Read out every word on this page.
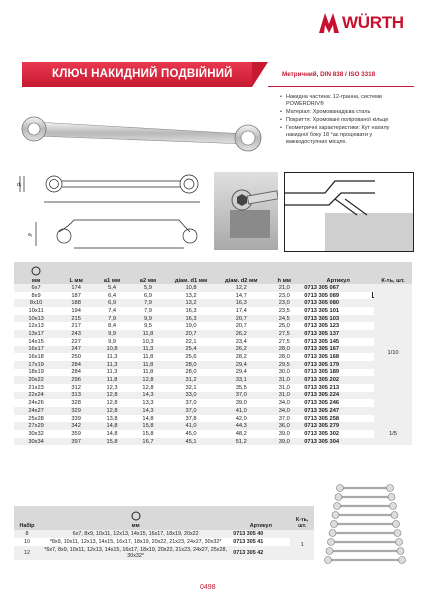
WÜRTH
КЛЮЧ НАКИДНИЙ ПОДВІЙНИЙ	Метричний, DIN 838 / ISO 3318
• Накидна частина: 12-гранна, системи POWERDRIV®
• Матеріал: Хромованадієва сталь
• Покриття: Хромовані полірованої кільце
• Геометричні характеристики: Кут нахилу накидної боку 18 °ає процювати у важкодоступних місцях.
d₁
a₁

мм	L мм	a1 мм	a2 мм	діам. d1 мм	діам. d2 мм	h мм	Артикул	К-ть, шт.
6x7	174	5,4	5,9	10,8	12,2	21,0	0713 305 067	1/10
8x9	187	6,4	6,9	13,2	14,7	23,0	0713 305 089	
8x10	188	6,9	7,9	13,2	16,3	23,0	0713 305 080	
10x11	194	7,4	7,9	16,3	17,4	23,5	0713 305 101	
10x13	215	7,9	9,9	16,3	20,7	24,5	0713 305 103	
12x13	217	8,4	9,5	19,0	20,7	25,0	0713 305 123	
13x17	243	9,9	11,8	20,7	26,2	27,5	0713 305 137	
14x15	227	9,9	10,3	22,1	23,4	27,5	0713 305 145	
16x17	247	10,8	11,3	25,4	26,2	28,0	0713 305 167	
16x18	250	11,3	11,8	25,6	28,2	28,0	0713 305 168	
17x19	284	11,3	11,8	28,0	29,4	29,5	0713 305 179	
18x19	284	11,3	11,8	28,0	29,4	30,0	0713 305 189	
20x22	296	11,8	12,8	31,2	33,1	31,0	0713 305 202	
21x23	312	12,3	12,8	32,1	35,5	31,0	0713 305 213	
22x24	313	12,8	14,3	33,0	37,0	31,0	0713 305 224	
24x26	328	12,8	13,3	37,0	39,0	34,0	0713 305 246	
24x27	329	12,8	14,3	37,0	41,0	34,0	0713 305 247	
25x28	339	13,8	14,8	37,8	42,0	37,0	0713 305 258	
27x29	342	14,8	15,8	41,0	44,3	36,0	0713 305 279	1/5
30x32	359	14,8	15,8	45,0	48,2	39,0	0713 305 302	
30x34	397	15,8	16,7	45,1	51,2	39,0	0713 305 304	
Набір	мм	Артикул	К-ть, шт.
8	6x7, 8x9, 10x11, 12x13, 14x15, 16x17, 18x19, 20x22	0713 305 40	1
10	*8x9, 10x11, 12x13, 14x15, 16x17, 18x19, 20x22, 21x23, 24x27, 30x32*	0713 305 41	
12	*6x7, 8x9, 10x11, 12x13, 14x15, 16x17, 18x19, 20x22, 21x23, 24x27, 25x28, 30x32*	0713 305 42	
0498
